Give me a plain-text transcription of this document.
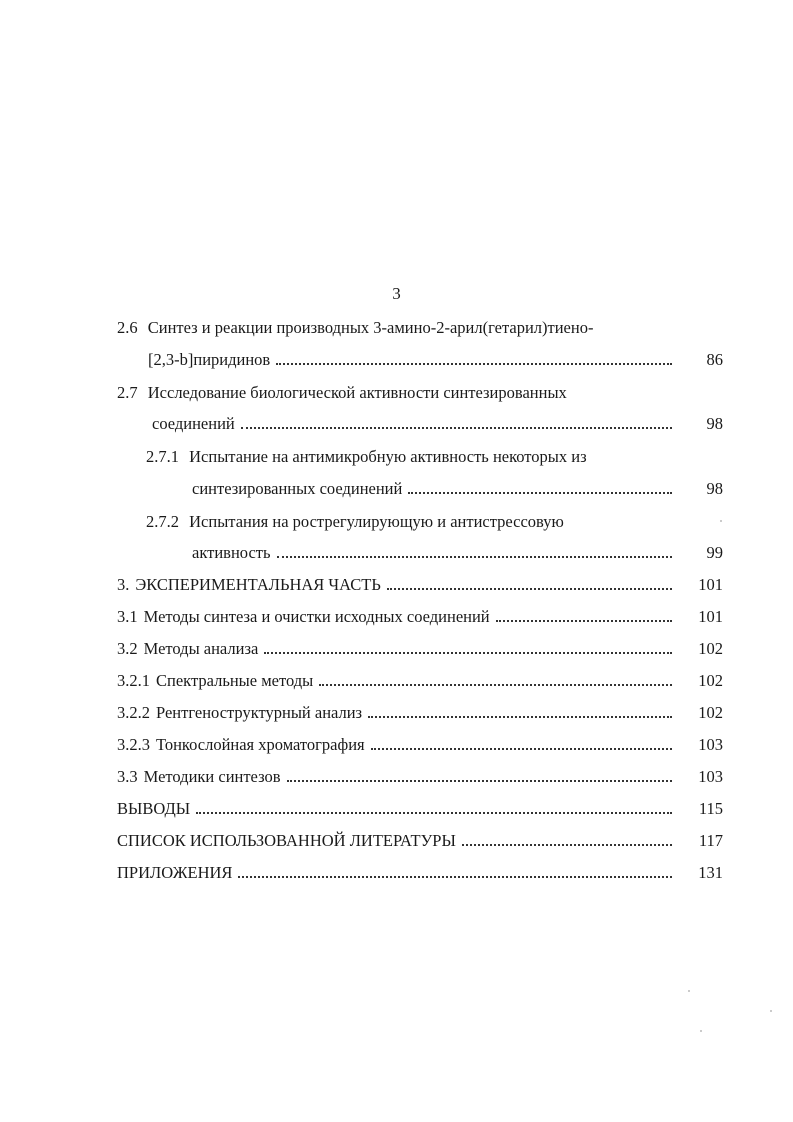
3
2.6 Синтез и реакции производных 3-амино-2-арил(гетарил)тиено-
[2,3-b]пиридинов	86
2.7 Исследование биологической активности синтезированных
соединений	98
2.7.1 Испытание на антимикробную активность некоторых из
синтезированных соединений	98
2.7.2 Испытания на рострегулирующую и антистрессовую
активность	99
3. ЭКСПЕРИМЕНТАЛЬНАЯ ЧАСТЬ	101
3.1 Методы синтеза и очистки исходных соединений	101
3.2 Методы анализа	102
3.2.1 Спектральные методы	102
3.2.2 Рентгеноструктурный анализ	102
3.2.3 Тонкослойная хроматография	103
3.3 Методики синтезов	103
ВЫВОДЫ	115
СПИСОК ИСПОЛЬЗОВАННОЙ ЛИТЕРАТУРЫ	117
ПРИЛОЖЕНИЯ	131
